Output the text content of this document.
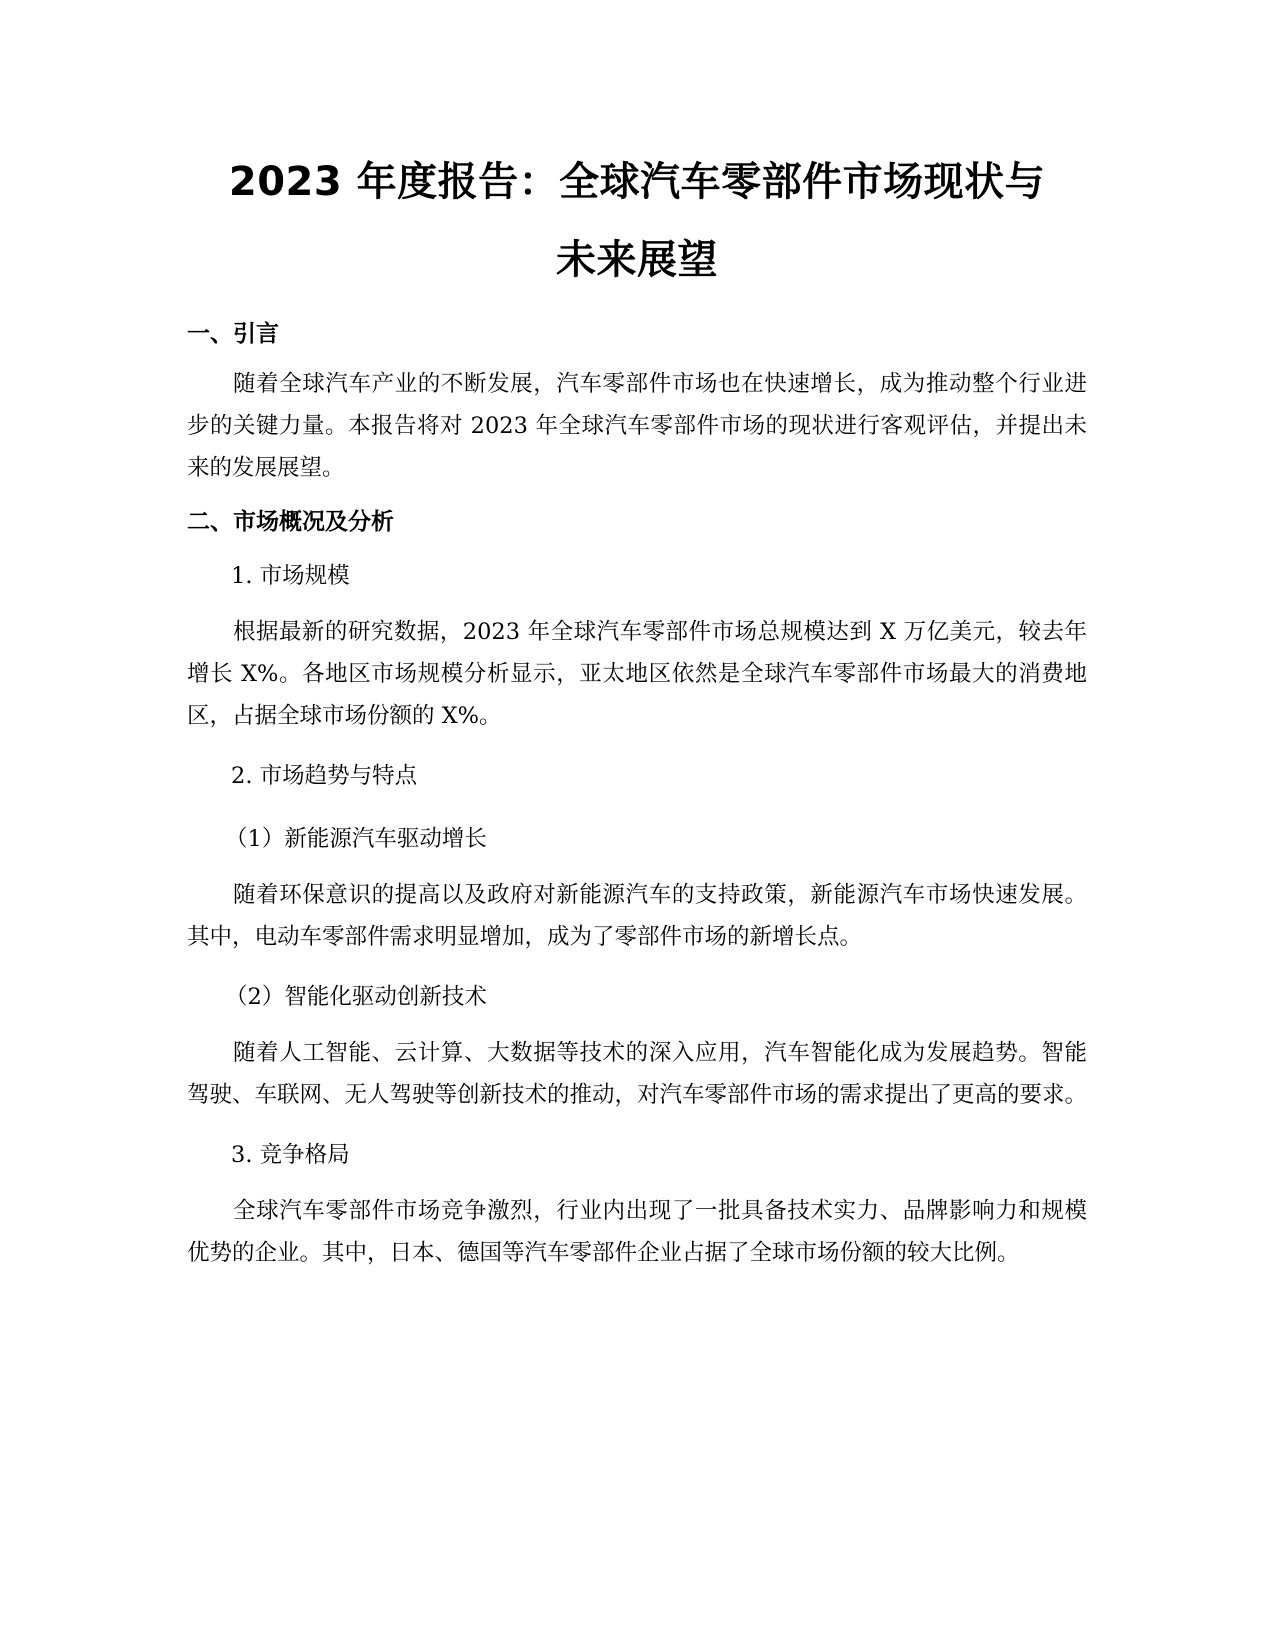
2023 年度报告：全球汽车零部件市场现状与
未来展望
一、引言

随着全球汽车产业的不断发展，汽车零部件市场也在快速增长，成为推动整个行业进步的关键力量。本报告将对 2023 年全球汽车零部件市场的现状进行客观评估，并提出未来的发展展望。

二、市场概况及分析

1. 市场规模

根据最新的研究数据，2023 年全球汽车零部件市场总规模达到 X 万亿美元，较去年增长 X%。各地区市场规模分析显示，亚太地区依然是全球汽车零部件市场最大的消费地区，占据全球市场份额的 X%。

2. 市场趋势与特点

（1）新能源汽车驱动增长

随着环保意识的提高以及政府对新能源汽车的支持政策，新能源汽车市场快速发展。其中，电动车零部件需求明显增加，成为了零部件市场的新增长点。

（2）智能化驱动创新技术

随着人工智能、云计算、大数据等技术的深入应用，汽车智能化成为发展趋势。智能驾驶、车联网、无人驾驶等创新技术的推动，对汽车零部件市场的需求提出了更高的要求。

3. 竞争格局

全球汽车零部件市场竞争激烈，行业内出现了一批具备技术实力、品牌影响力和规模优势的企业。其中，日本、德国等汽车零部件企业占据了全球市场份额的较大比例。
